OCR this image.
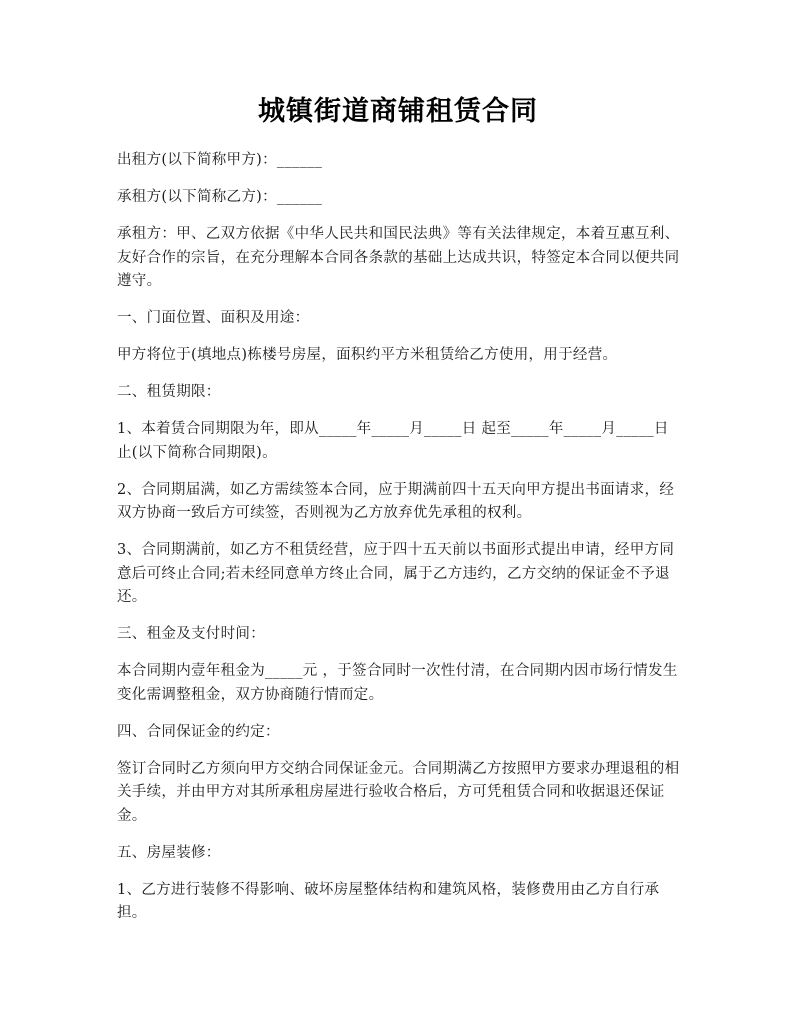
城镇街道商铺租赁合同

出租方(以下简称甲方)：______

承租方(以下简称乙方)：______

承租方：甲、乙双方依据《中华人民共和国民法典》等有关法律规定，本着互惠互利、友好合作的宗旨，在充分理解本合同各条款的基础上达成共识，特签定本合同以便共同遵守。

一、门面位置、面积及用途：

甲方将位于(填地点)栋楼号房屋，面积约平方米租赁给乙方使用，用于经营。

二、租赁期限：

1、本着赁合同期限为年，即从_____年_____月_____日 起至_____年_____月_____日 止(以下简称合同期限)。

2、合同期届满，如乙方需续签本合同，应于期满前四十五天向甲方提出书面请求，经双方协商一致后方可续签，否则视为乙方放弃优先承租的权利。

3、合同期满前，如乙方不租赁经营，应于四十五天前以书面形式提出申请，经甲方同意后可终止合同;若未经同意单方终止合同，属于乙方违约，乙方交纳的保证金不予退还。

三、租金及支付时间：

本合同期内壹年租金为_____元 ，于签合同时一次性付清，在合同期内因市场行情发生变化需调整租金，双方协商随行情而定。

四、合同保证金的约定：

签订合同时乙方须向甲方交纳合同保证金元。合同期满乙方按照甲方要求办理退租的相关手续，并由甲方对其所承租房屋进行验收合格后，方可凭租赁合同和收据退还保证金。

五、房屋装修：

1、乙方进行装修不得影响、破坏房屋整体结构和建筑风格，装修费用由乙方自行承担。
